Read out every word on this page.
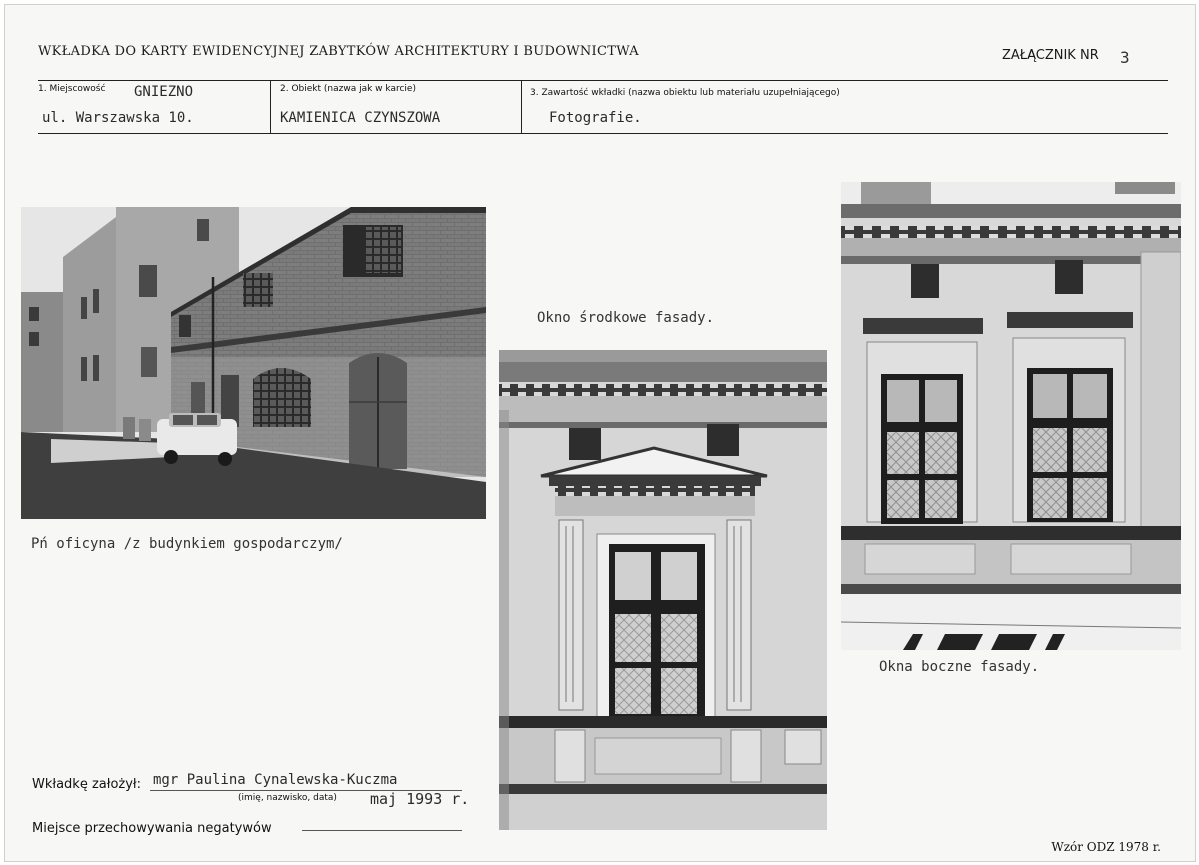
WKŁADKA DO KARTY EWIDENCYJNEJ ZABYTKÓW ARCHITEKTURY I BUDOWNICTWA	ZAŁĄCZNIK NR 3
1. Miejscowość GNIEZNO
ul. Warszawska 10.
2. Obiekt (nazwa jak w karcie)
KAMIENICA CZYNSZOWA
3. Zawartość wkładki (nazwa obiektu lub materiału uzupełniającego)
Fotografie.
Pń oficyna /z budynkiem gospodarczym/
Okno środkowe fasady.
Okna boczne fasady.
Wkładkę założył: mgr Paulina Cynalewska-Kuczma
(imię, nazwisko, data) maj 1993 r.
Miejsce przechowywania negatywów
Wzór ODZ 1978 r.
